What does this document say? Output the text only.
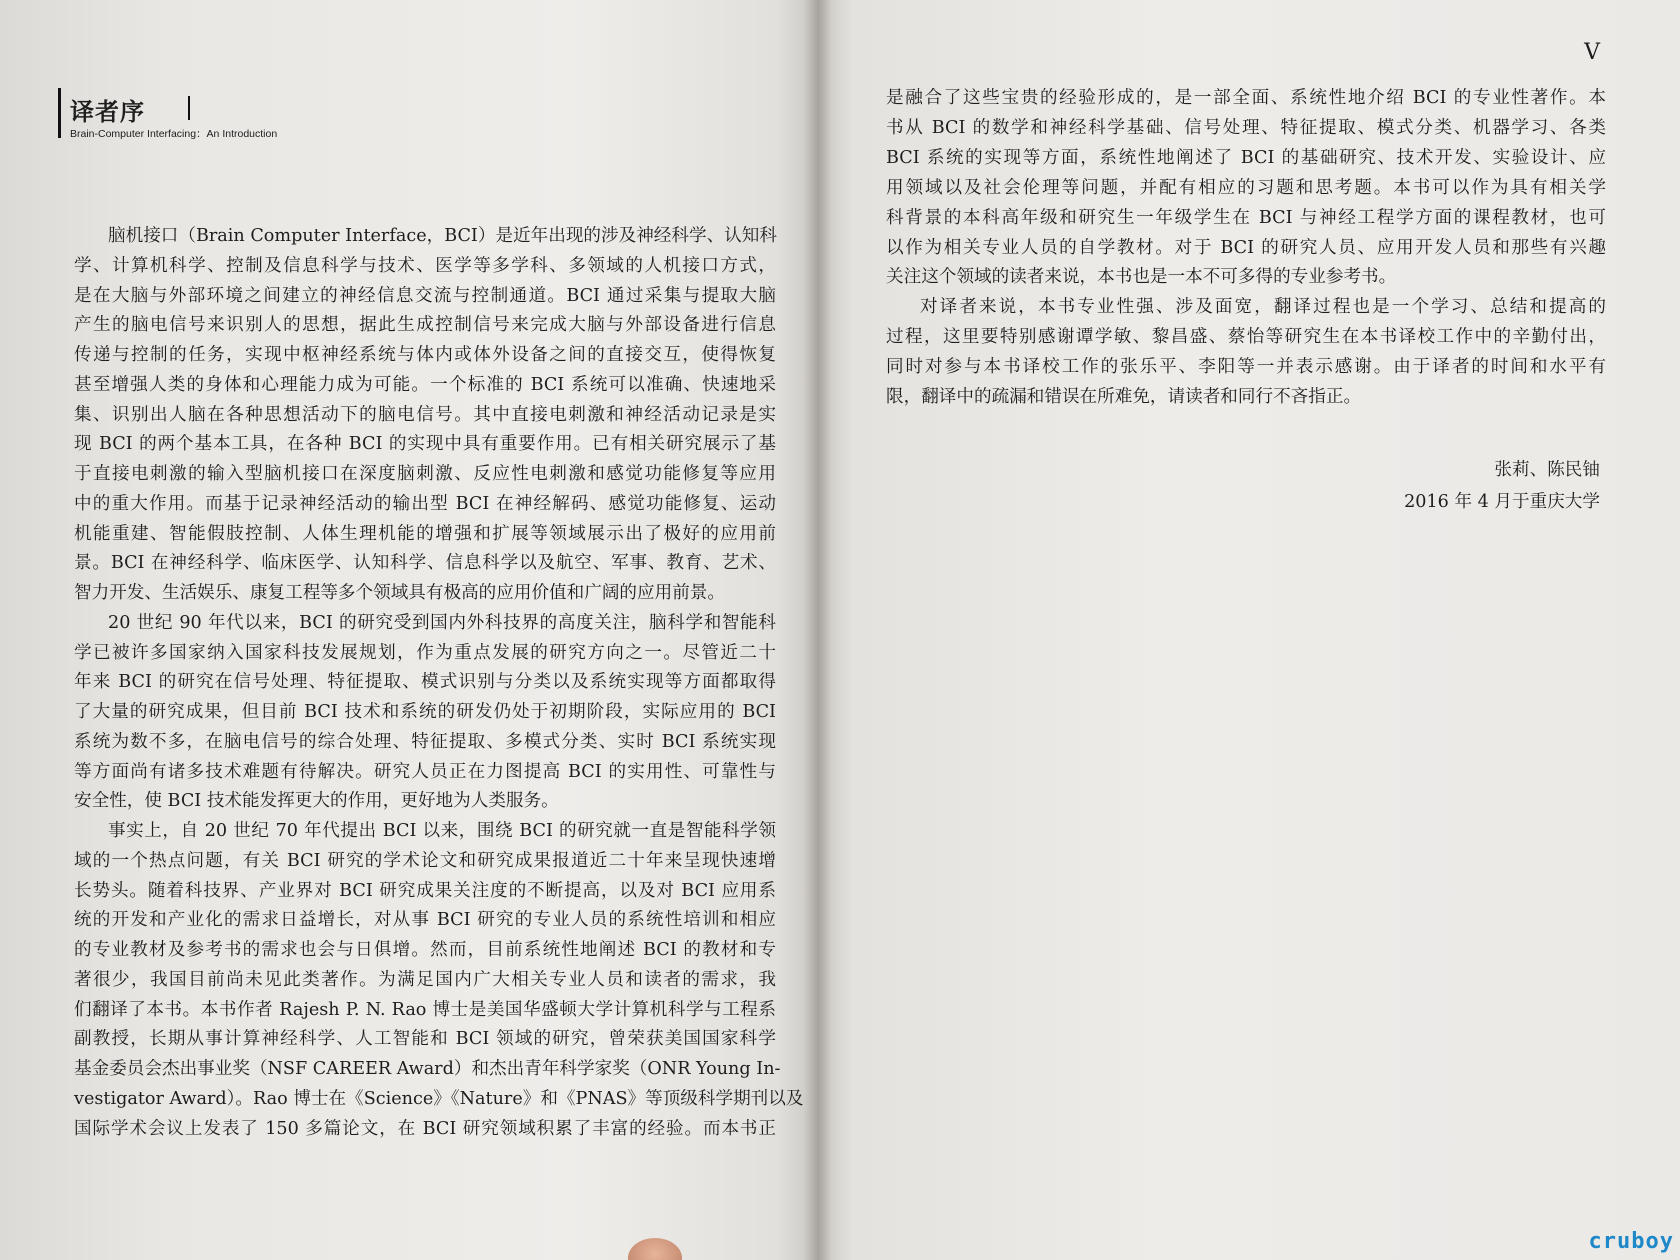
译者序
Brain-Computer Interfacing：An Introduction
脑机接口（Brain Computer Interface，BCI）是近年出现的涉及神经科学、认知科
学、计算机科学、控制及信息科学与技术、医学等多学科、多领域的人机接口方式，
是在大脑与外部环境之间建立的神经信息交流与控制通道。BCI 通过采集与提取大脑
产生的脑电信号来识别人的思想，据此生成控制信号来完成大脑与外部设备进行信息
传递与控制的任务，实现中枢神经系统与体内或体外设备之间的直接交互，使得恢复
甚至增强人类的身体和心理能力成为可能。一个标准的 BCI 系统可以准确、快速地采
集、识别出人脑在各种思想活动下的脑电信号。其中直接电刺激和神经活动记录是实
现 BCI 的两个基本工具，在各种 BCI 的实现中具有重要作用。已有相关研究展示了基
于直接电刺激的输入型脑机接口在深度脑刺激、反应性电刺激和感觉功能修复等应用
中的重大作用。而基于记录神经活动的输出型 BCI 在神经解码、感觉功能修复、运动
机能重建、智能假肢控制、人体生理机能的增强和扩展等领域展示出了极好的应用前
景。BCI 在神经科学、临床医学、认知科学、信息科学以及航空、军事、教育、艺术、
智力开发、生活娱乐、康复工程等多个领域具有极高的应用价值和广阔的应用前景。
20 世纪 90 年代以来，BCI 的研究受到国内外科技界的高度关注，脑科学和智能科
学已被许多国家纳入国家科技发展规划，作为重点发展的研究方向之一。尽管近二十
年来 BCI 的研究在信号处理、特征提取、模式识别与分类以及系统实现等方面都取得
了大量的研究成果，但目前 BCI 技术和系统的研发仍处于初期阶段，实际应用的 BCI
系统为数不多，在脑电信号的综合处理、特征提取、多模式分类、实时 BCI 系统实现
等方面尚有诸多技术难题有待解决。研究人员正在力图提高 BCI 的实用性、可靠性与
安全性，使 BCI 技术能发挥更大的作用，更好地为人类服务。
事实上，自 20 世纪 70 年代提出 BCI 以来，围绕 BCI 的研究就一直是智能科学领
域的一个热点问题，有关 BCI 研究的学术论文和研究成果报道近二十年来呈现快速增
长势头。随着科技界、产业界对 BCI 研究成果关注度的不断提高，以及对 BCI 应用系
统的开发和产业化的需求日益增长，对从事 BCI 研究的专业人员的系统性培训和相应
的专业教材及参考书的需求也会与日俱增。然而，目前系统性地阐述 BCI 的教材和专
著很少，我国目前尚未见此类著作。为满足国内广大相关专业人员和读者的需求，我
们翻译了本书。本书作者 Rajesh P. N. Rao 博士是美国华盛顿大学计算机科学与工程系
副教授，长期从事计算神经科学、人工智能和 BCI 领域的研究，曾荣获美国国家科学
基金委员会杰出事业奖（NSF CAREER Award）和杰出青年科学家奖（ONR Young In-
vestigator Award）。Rao 博士在《Science》《Nature》和《PNAS》等顶级科学期刊以及
国际学术会议上发表了 150 多篇论文，在 BCI 研究领域积累了丰富的经验。而本书正
V
是融合了这些宝贵的经验形成的，是一部全面、系统性地介绍 BCI 的专业性著作。本
书从 BCI 的数学和神经科学基础、信号处理、特征提取、模式分类、机器学习、各类
BCI 系统的实现等方面，系统性地阐述了 BCI 的基础研究、技术开发、实验设计、应
用领域以及社会伦理等问题，并配有相应的习题和思考题。本书可以作为具有相关学
科背景的本科高年级和研究生一年级学生在 BCI 与神经工程学方面的课程教材，也可
以作为相关专业人员的自学教材。对于 BCI 的研究人员、应用开发人员和那些有兴趣
关注这个领域的读者来说，本书也是一本不可多得的专业参考书。
对译者来说，本书专业性强、涉及面宽，翻译过程也是一个学习、总结和提高的
过程，这里要特别感谢谭学敏、黎昌盛、蔡怡等研究生在本书译校工作中的辛勤付出，
同时对参与本书译校工作的张乐平、李阳等一并表示感谢。由于译者的时间和水平有
限，翻译中的疏漏和错误在所难免，请读者和同行不吝指正。
张莉、陈民铀
2016 年 4 月于重庆大学
cruboy
